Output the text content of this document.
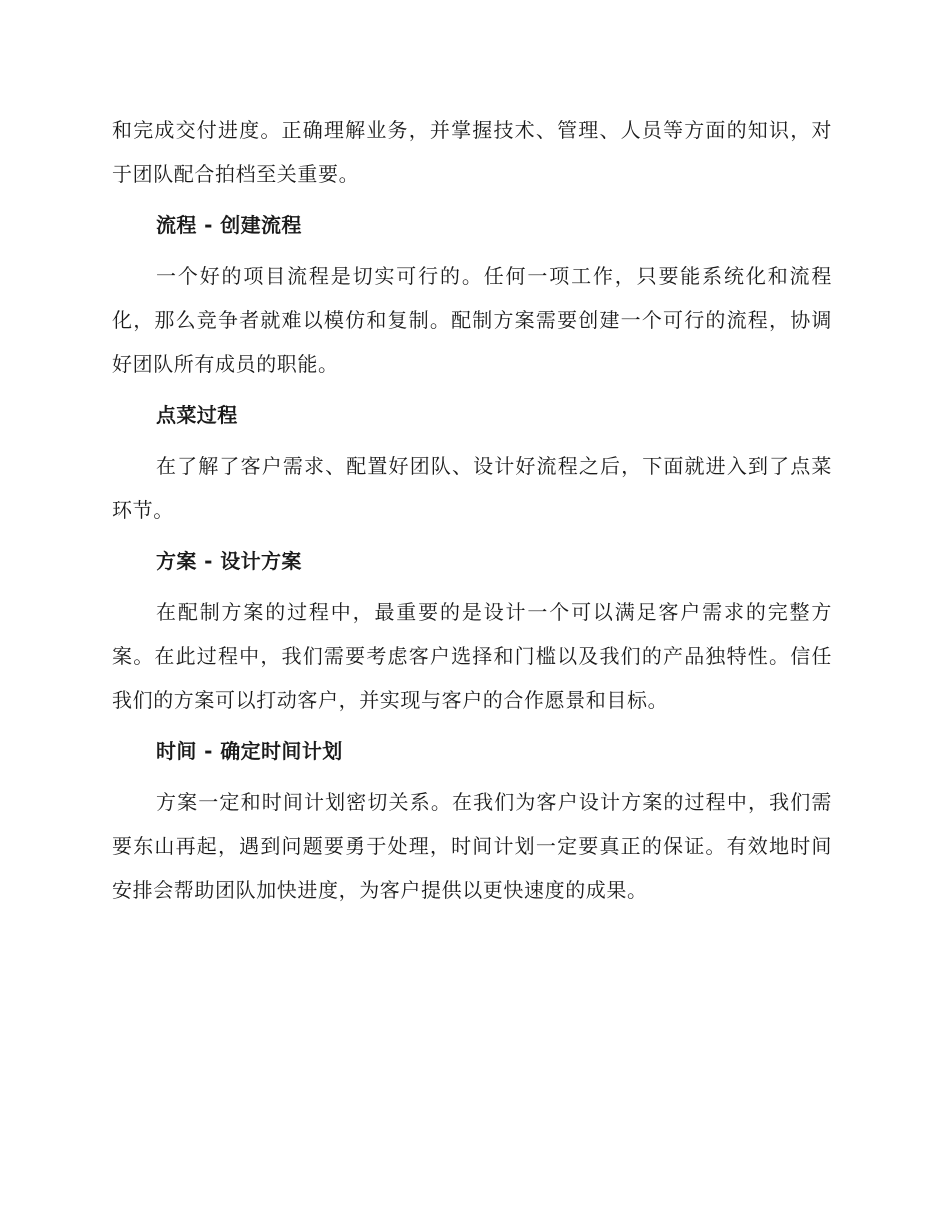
和完成交付进度。正确理解业务，并掌握技术、管理、人员等方面的知识，对于团队配合拍档至关重要。

流程 - 创建流程

一个好的项目流程是切实可行的。任何一项工作，只要能系统化和流程化，那么竞争者就难以模仿和复制。配制方案需要创建一个可行的流程，协调好团队所有成员的职能。

点菜过程

在了解了客户需求、配置好团队、设计好流程之后，下面就进入到了点菜环节。

方案 - 设计方案

在配制方案的过程中，最重要的是设计一个可以满足客户需求的完整方案。在此过程中，我们需要考虑客户选择和门槛以及我们的产品独特性。信任我们的方案可以打动客户，并实现与客户的合作愿景和目标。

时间 - 确定时间计划

方案一定和时间计划密切关系。在我们为客户设计方案的过程中，我们需要东山再起，遇到问题要勇于处理，时间计划一定要真正的保证。有效地时间安排会帮助团队加快进度，为客户提供以更快速度的成果。
